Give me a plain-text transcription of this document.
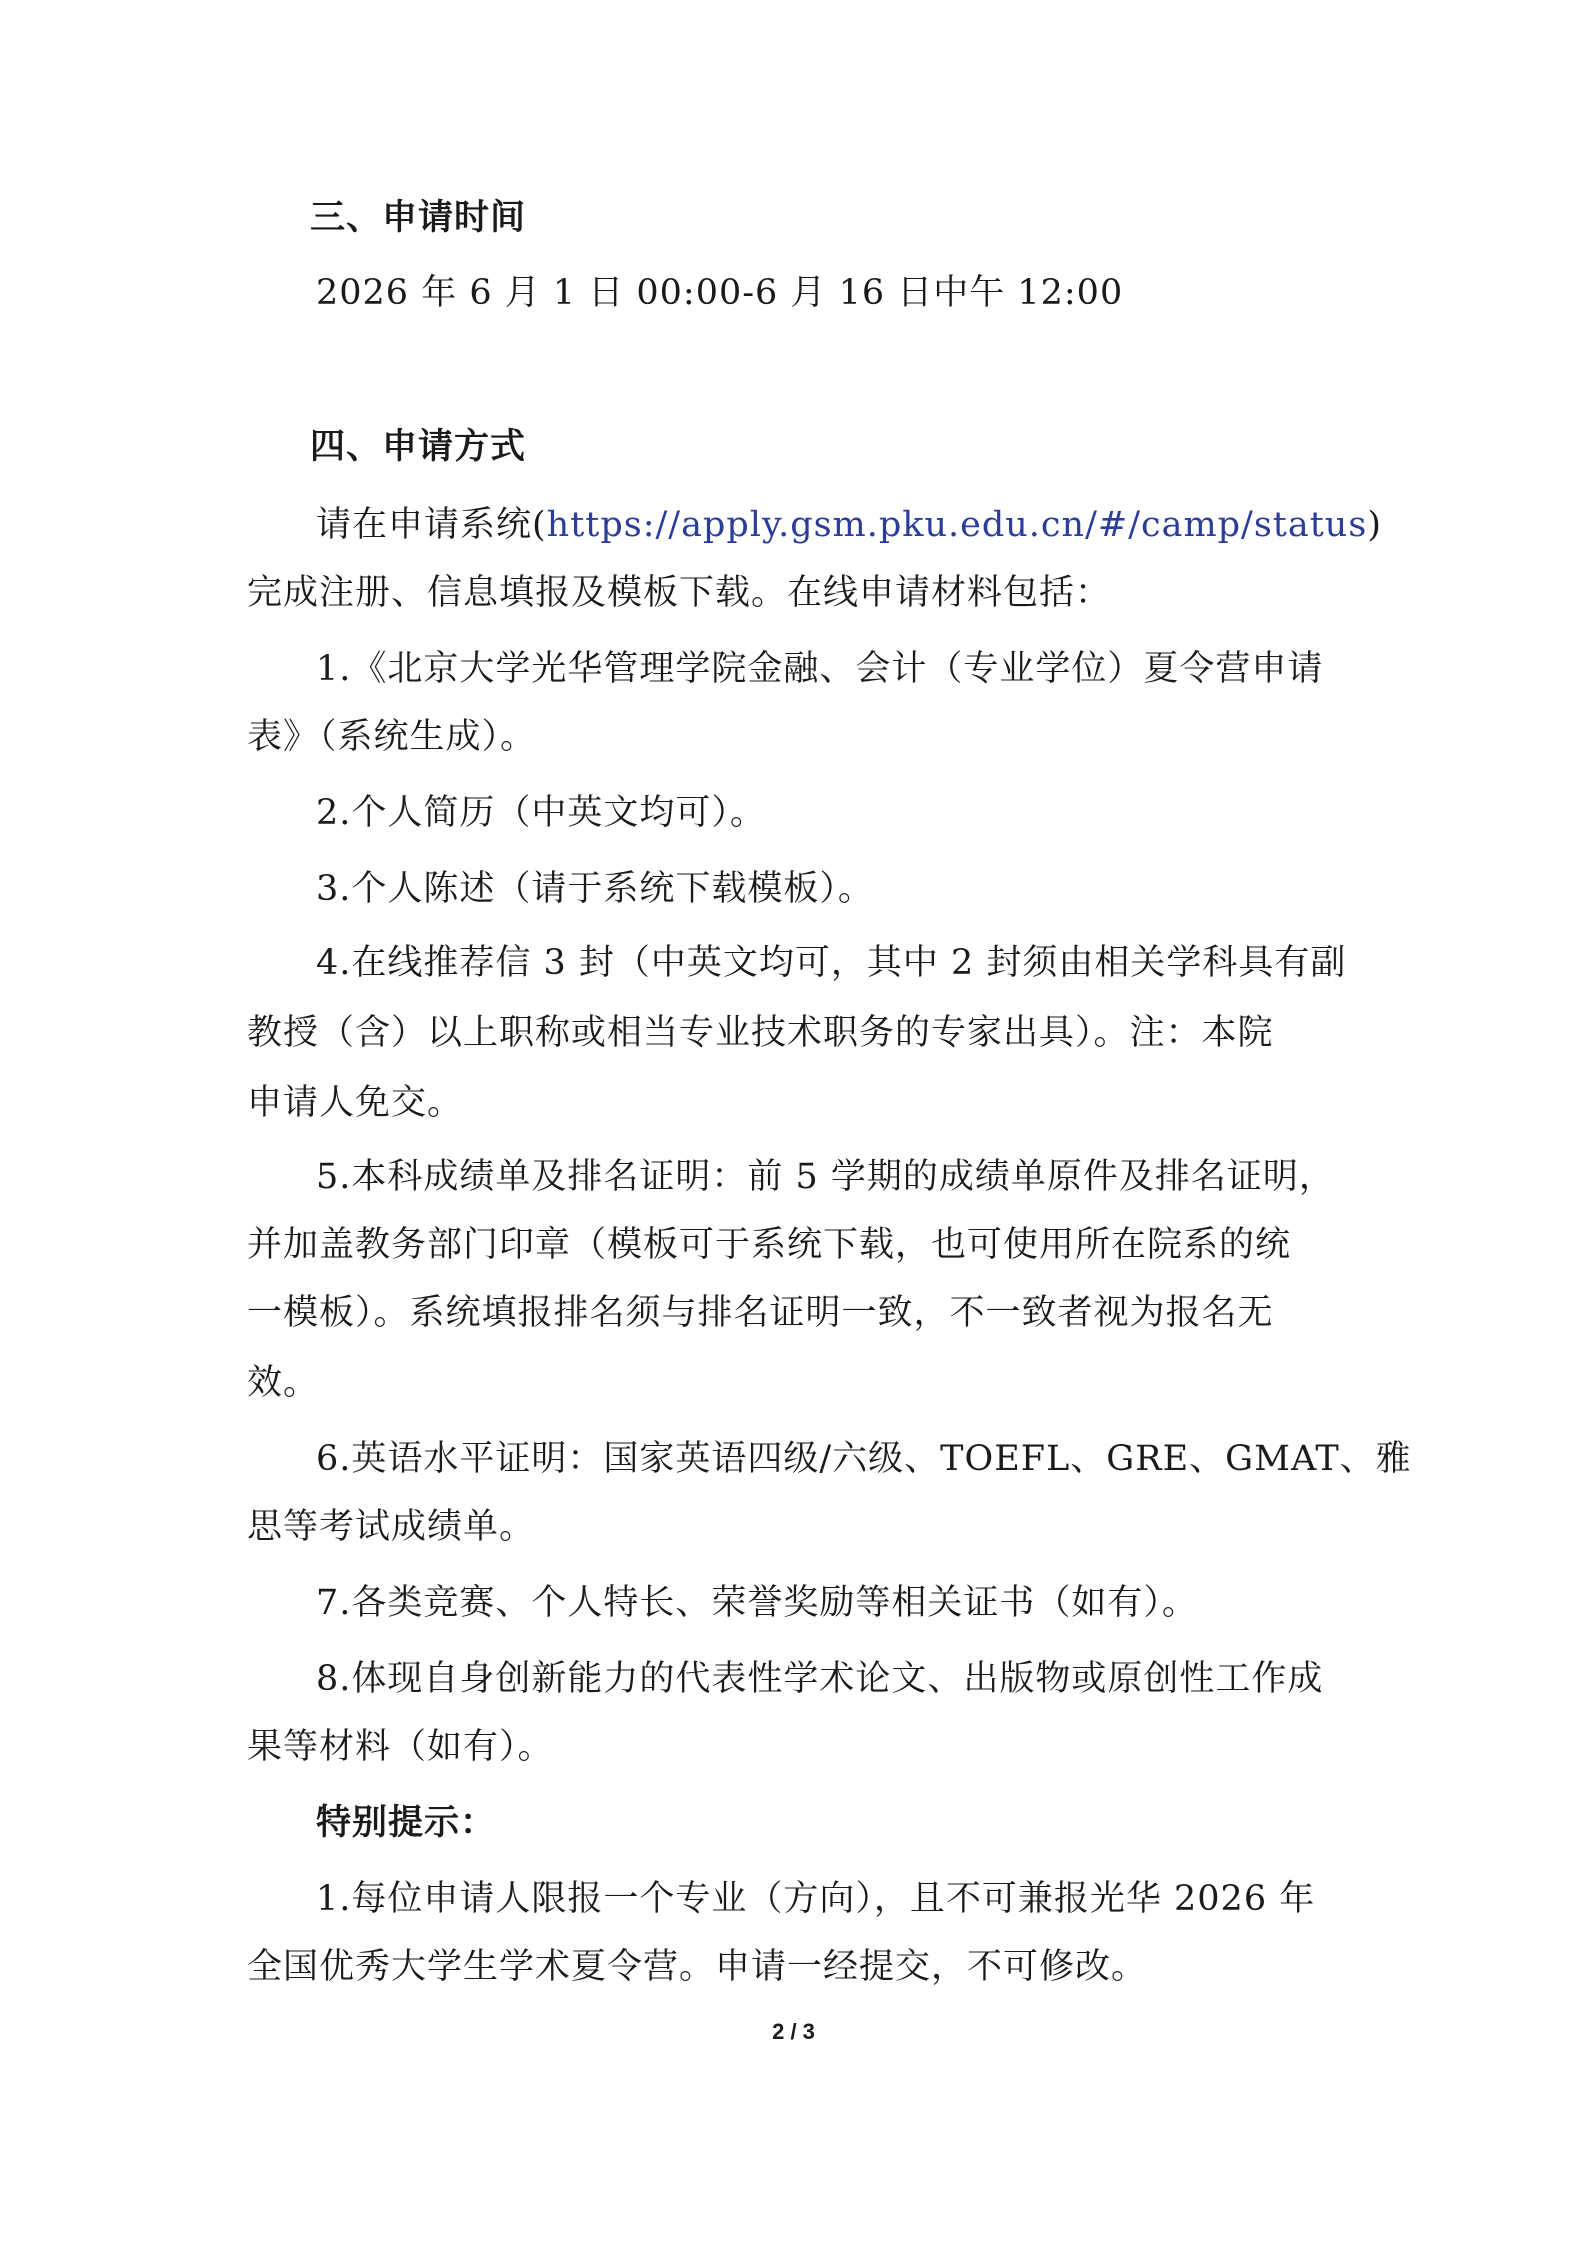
三、申请时间

2026 年 6 月 1 日 00:00-6 月 16 日中午 12:00

四、申请方式

请在申请系统(https://apply.gsm.pku.edu.cn/#/camp/status)

完成注册、信息填报及模板下载。在线申请材料包括：

1.《北京大学光华管理学院金融、会计（专业学位）夏令营申请

表》（系统生成）。

2.个人简历（中英文均可）。

3.个人陈述（请于系统下载模板）。

4.在线推荐信 3 封（中英文均可，其中 2 封须由相关学科具有副

教授（含）以上职称或相当专业技术职务的专家出具）。注：本院

申请人免交。

5.本科成绩单及排名证明：前 5 学期的成绩单原件及排名证明，

并加盖教务部门印章（模板可于系统下载，也可使用所在院系的统

一模板）。系统填报排名须与排名证明一致，不一致者视为报名无

效。

6.英语水平证明：国家英语四级/六级、TOEFL、GRE、GMAT、雅

思等考试成绩单。

7.各类竞赛、个人特长、荣誉奖励等相关证书（如有）。

8.体现自身创新能力的代表性学术论文、出版物或原创性工作成

果等材料（如有）。

特别提示：

1.每位申请人限报一个专业（方向），且不可兼报光华 2026 年

全国优秀大学生学术夏令营。申请一经提交，不可修改。

2 / 3
